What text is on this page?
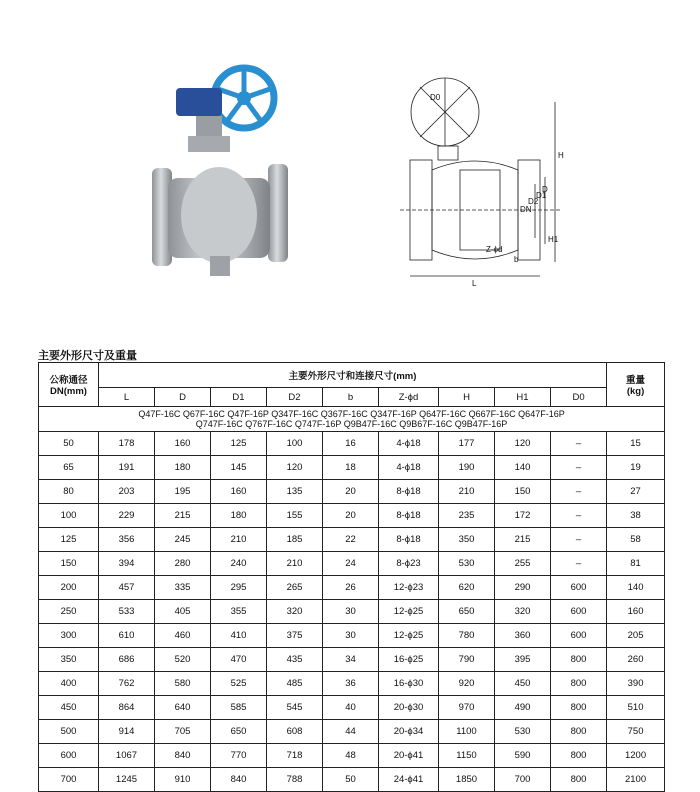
D0
H
H1
DN
D2
D1
D
b
Z-ϕd
L
主要外形尺寸及重量
公称通径
DN(mm)	主要外形尺寸和连接尺寸(mm)									重量
(kg)
	L	D	D1	D2	b	Z-ϕd	H	H1	D0	

Q47F-16C Q67F-16C Q47F-16P Q347F-16C Q367F-16C Q347F-16P Q647F-16C Q667F-16C Q647F-16P
Q747F-16C Q767F-16C Q747F-16P Q9B47F-16C Q9B67F-16C Q9B47F-16P										

50	178	160	125	100	16	4-ϕ18	177	120	–	15
65	191	180	145	120	18	4-ϕ18	190	140	–	19
80	203	195	160	135	20	8-ϕ18	210	150	–	27
100	229	215	180	155	20	8-ϕ18	235	172	–	38
125	356	245	210	185	22	8-ϕ18	350	215	–	58
150	394	280	240	210	24	8-ϕ23	530	255	–	81
200	457	335	295	265	26	12-ϕ23	620	290	600	140
250	533	405	355	320	30	12-ϕ25	650	320	600	160
300	610	460	410	375	30	12-ϕ25	780	360	600	205
350	686	520	470	435	34	16-ϕ25	790	395	800	260
400	762	580	525	485	36	16-ϕ30	920	450	800	390
450	864	640	585	545	40	20-ϕ30	970	490	800	510
500	914	705	650	608	44	20-ϕ34	1100	530	800	750
600	1067	840	770	718	48	20-ϕ41	1150	590	800	1200
700	1245	910	840	788	50	24-ϕ41	1850	700	800	2100
